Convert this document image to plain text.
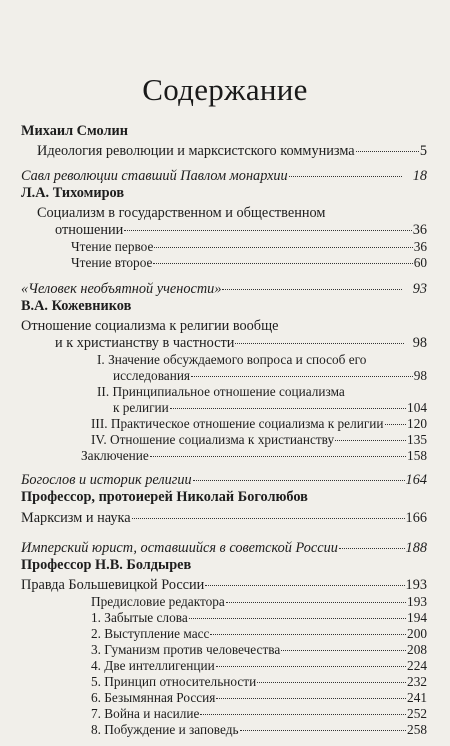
Содержание
Михаил Смолин
Идеология революции и марксистского коммунизма	5
Савл революции ставший Павлом монархии	18
Л.А. Тихомиров
Социализм в государственном и общественном
отношении	36
Чтение первое	36
Чтение второе	60
«Человек необъятной учености»	93
В.А. Кожевников
Отношение социализма к религии вообще
и к христианству в частности	98
I. Значение обсуждаемого вопроса и способ его
исследования	98
II. Принципиальное отношение социализма
к религии	104
III. Практическое отношение социализма к религии 120
IV. Отношение социализма к христианству	135
Заключение	158
Богослов и историк религии	164
Профессор, протоиерей Николай Боголюбов
Марксизм и наука	166
Имперский юрист, оставшийся в советской России	188
Профессор Н.В. Болдырев
Правда Большевицкой России	193
Предисловие редактора	193
1. Забытые слова	194
2. Выступление масс	200
3. Гуманизм против человечества	208
4. Две интеллигенции	224
5. Принцип относительности	232
6. Безымянная Россия	241
7. Война и насилие	252
8. Побуждение и заповедь	258
